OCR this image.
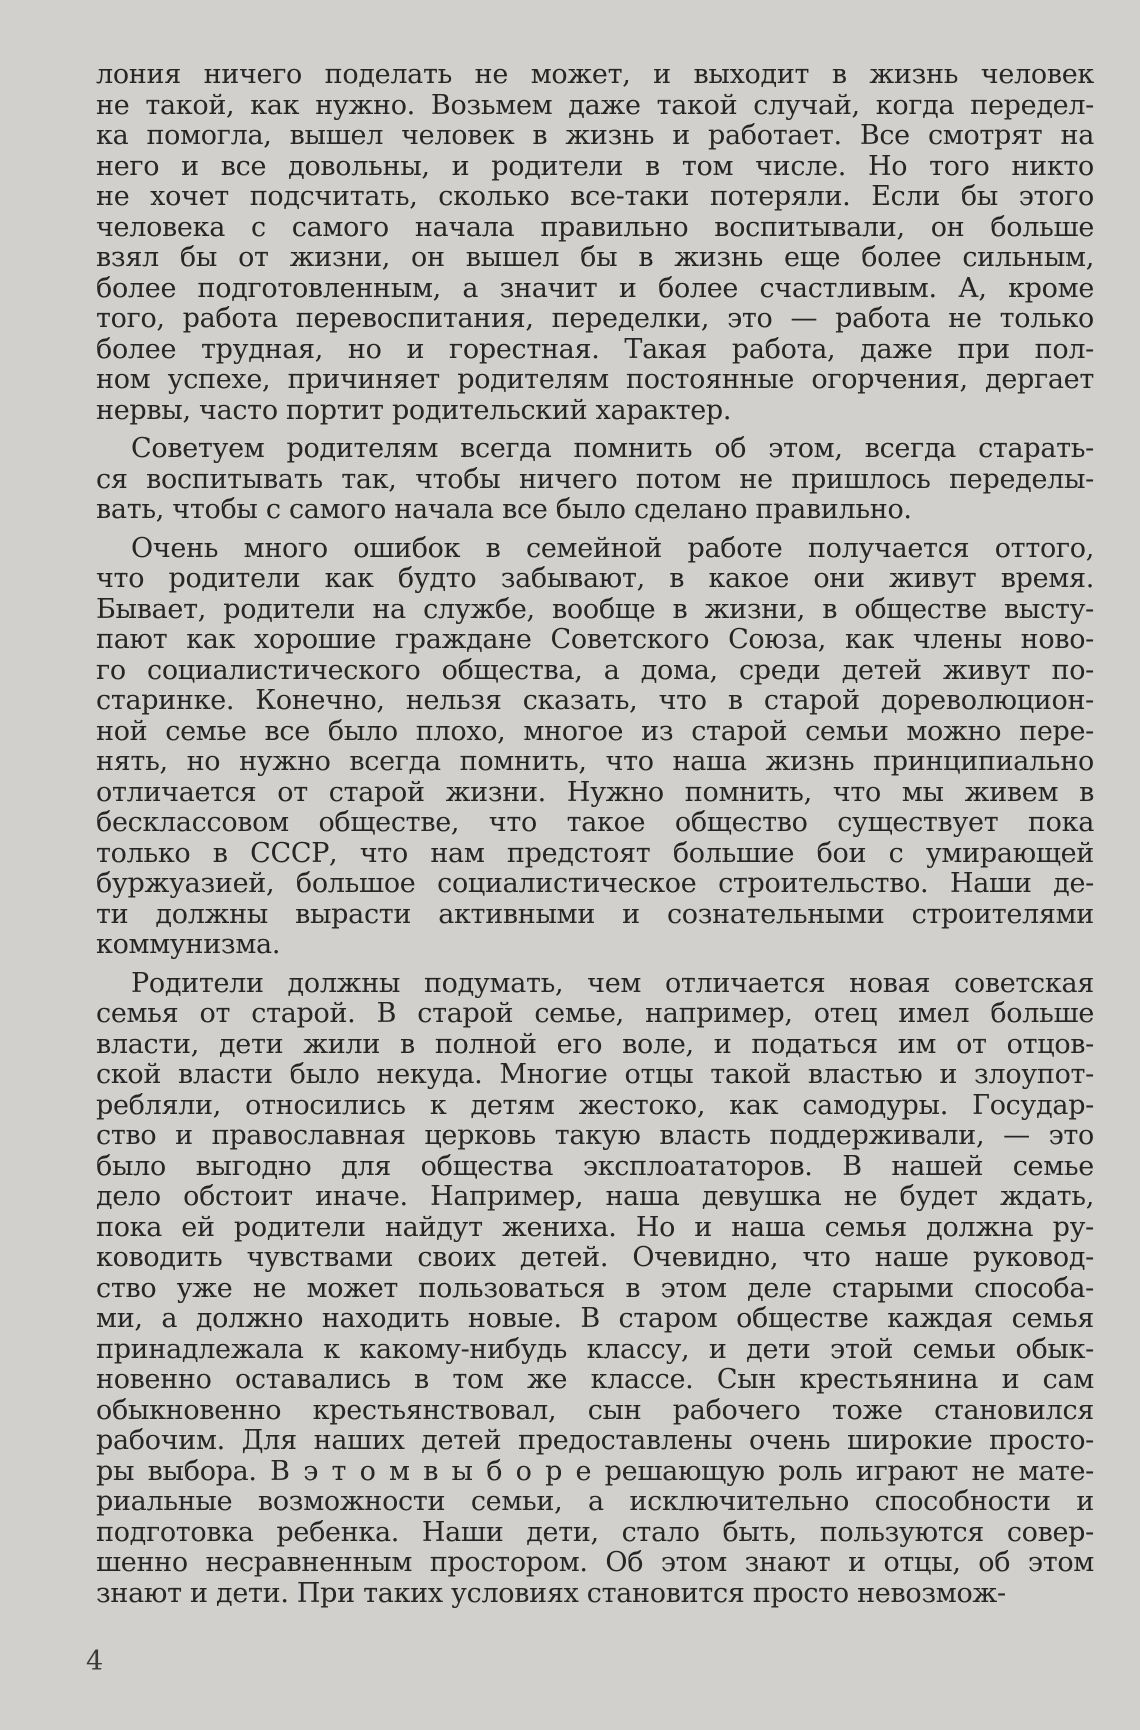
лония ничего поделать не может, и выходит в жизнь человек
не такой, как нужно. Возьмем даже такой случай, когда передел-
ка помогла, вышел человек в жизнь и работает. Все смотрят на
него и все довольны, и родители в том числе. Но того никто
не хочет подсчитать, сколько все-таки потеряли. Если бы этого
человека с самого начала правильно воспитывали, он больше
взял бы от жизни, он вышел бы в жизнь еще более сильным,
более подготовленным, а значит и более счастливым. А, кроме
того, работа перевоспитания, переделки, это — работа не только
более трудная, но и горестная. Такая работа, даже при пол-
ном успехе, причиняет родителям постоянные огорчения, дергает
нервы, часто портит родительский характер.

Советуем родителям всегда помнить об этом, всегда старать-
ся воспитывать так, чтобы ничего потом не пришлось переделы-
вать, чтобы с самого начала все было сделано правильно.

Очень много ошибок в семейной работе получается оттого,
что родители как будто забывают, в какое они живут время.
Бывает, родители на службе, вообще в жизни, в обществе высту-
пают как хорошие граждане Советского Союза, как члены ново-
го социалистического общества, а дома, среди детей живут по-
старинке. Конечно, нельзя сказать, что в старой дореволюцион-
ной семье все было плохо, многое из старой семьи можно пере-
нять, но нужно всегда помнить, что наша жизнь принципиально
отличается от старой жизни. Нужно помнить, что мы живем в
бесклассовом обществе, что такое общество существует пока
только в СССР, что нам предстоят большие бои с умирающей
буржуазией, большое социалистическое строительство. Наши де-
ти должны вырасти активными и сознательными строителями
коммунизма.

Родители должны подумать, чем отличается новая советская
семья от старой. В старой семье, например, отец имел больше
власти, дети жили в полной его воле, и податься им от отцов-
ской власти было некуда. Многие отцы такой властью и злоупот-
ребляли, относились к детям жестоко, как самодуры. Государ-
ство и православная церковь такую власть поддерживали, — это
было выгодно для общества эксплоататоров. В нашей семье
дело обстоит иначе. Например, наша девушка не будет ждать,
пока ей родители найдут жениха. Но и наша семья должна ру-
ководить чувствами своих детей. Очевидно, что наше руковод-
ство уже не может пользоваться в этом деле старыми способа-
ми, а должно находить новые. В старом обществе каждая семья
принадлежала к какому-нибудь классу, и дети этой семьи обык-
новенно оставались в том же классе. Сын крестьянина и сам
обыкновенно крестьянствовал, сын рабочего тоже становился
рабочим. Для наших детей предоставлены очень широкие просто-
ры выбора. В э т о м в ы б о р е решающую роль играют не мате-
риальные возможности семьи, а исключительно способности и
подготовка ребенка. Наши дети, стало быть, пользуются совер-
шенно несравненным простором. Об этом знают и отцы, об этом
знают и дети. При таких условиях становится просто невозмож-

4
